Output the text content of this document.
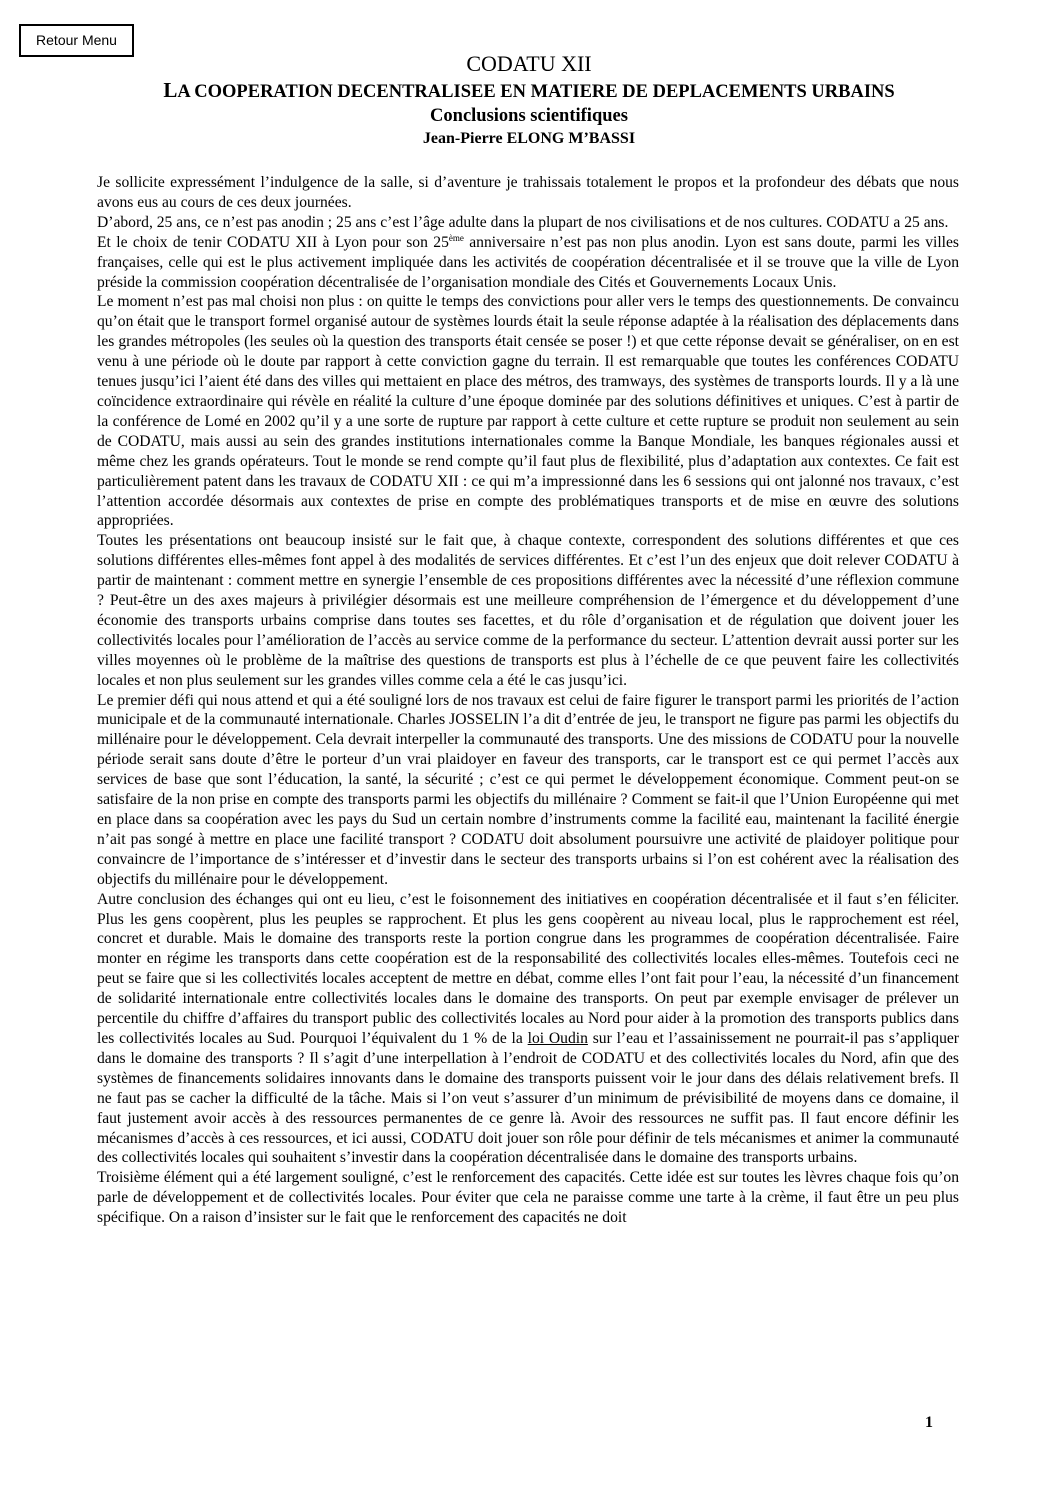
Retour Menu

CODATU XII

LA COOPERATION DECENTRALISEE EN MATIERE DE DEPLACEMENTS URBAINS

Conclusions scientifiques

Jean-Pierre ELONG M’BASSI

Je sollicite expressément l’indulgence de la salle, si d’aventure je trahissais totalement le propos et la profondeur des débats que nous avons eus au cours de ces deux journées.

D’abord, 25 ans, ce n’est pas anodin ; 25 ans c’est l’âge adulte dans la plupart de nos civilisations et de nos cultures. CODATU a 25 ans.

Et le choix de tenir CODATU XII à Lyon pour son 25ème anniversaire n’est pas non plus anodin. Lyon est sans doute, parmi les villes françaises, celle qui est le plus activement impliquée dans les activités de coopération décentralisée et il se trouve que la ville de Lyon préside la commission coopération décentralisée de l’organisation mondiale des Cités et Gouvernements Locaux Unis.

Le moment n’est pas mal choisi non plus : on quitte le temps des convictions pour aller vers le temps des questionnements. De convaincu qu’on était que le transport formel organisé autour de systèmes lourds était la seule réponse adaptée à la réalisation des déplacements dans les grandes métropoles (les seules où la question des transports était censée se poser !) et que cette réponse devait se généraliser, on en est venu à une période où le doute par rapport à cette conviction gagne du terrain. Il est remarquable que toutes les conférences CODATU tenues jusqu’ici l’aient été dans des villes qui mettaient en place des métros, des tramways, des systèmes de transports lourds. Il y a là une coïncidence extraordinaire qui révèle en réalité la culture d’une époque dominée par des solutions définitives et uniques. C’est à partir de la conférence de Lomé en 2002 qu’il y a une sorte de rupture par rapport à cette culture et cette rupture se produit non seulement au sein de CODATU, mais aussi au sein des grandes institutions internationales comme la Banque Mondiale, les banques régionales aussi et même chez les grands opérateurs. Tout le monde se rend compte qu’il faut plus de flexibilité, plus d’adaptation aux contextes. Ce fait est particulièrement patent dans les travaux de CODATU XII : ce qui m’a impressionné dans les 6 sessions qui ont jalonné nos travaux, c’est l’attention accordée désormais aux contextes de prise en compte des problématiques transports et de mise en œuvre des solutions appropriées.

Toutes les présentations ont beaucoup insisté sur le fait que, à chaque contexte, correspondent des solutions différentes et que ces solutions différentes elles-mêmes font appel à des modalités de services différentes. Et c’est l’un des enjeux que doit relever CODATU à partir de maintenant : comment mettre en synergie l’ensemble de ces propositions différentes avec la nécessité d’une réflexion commune ? Peut-être un des axes majeurs à privilégier désormais est une meilleure compréhension de l’émergence et du développement d’une économie des transports urbains comprise dans toutes ses facettes, et du rôle d’organisation et de régulation que doivent jouer les collectivités locales pour l’amélioration de l’accès au service comme de la performance du secteur. L’attention devrait aussi porter sur les villes moyennes où le problème de la maîtrise des questions de transports est plus à l’échelle de ce que peuvent faire les collectivités locales et non plus seulement sur les grandes villes comme cela a été le cas jusqu’ici.

Le premier défi qui nous attend et qui a été souligné lors de nos travaux est celui de faire figurer le transport parmi les priorités de l’action municipale et de la communauté internationale. Charles JOSSELIN l’a dit d’entrée de jeu, le transport ne figure pas parmi les objectifs du millénaire pour le développement. Cela devrait interpeller la communauté des transports. Une des missions de CODATU pour la nouvelle période serait sans doute d’être le porteur d’un vrai plaidoyer en faveur des transports, car le transport est ce qui permet l’accès aux services de base que sont l’éducation, la santé, la sécurité ; c’est ce qui permet le développement économique. Comment peut-on se satisfaire de la non prise en compte des transports parmi les objectifs du millénaire ? Comment se fait-il que l’Union Européenne qui met en place dans sa coopération avec les pays du Sud un certain nombre d’instruments comme la facilité eau, maintenant la facilité énergie n’ait pas songé à mettre en place une facilité transport ? CODATU doit absolument poursuivre une activité de plaidoyer politique pour convaincre de l’importance de s’intéresser et d’investir dans le secteur des transports urbains si l’on est cohérent avec la réalisation des objectifs du millénaire pour le développement.

Autre conclusion des échanges qui ont eu lieu, c’est le foisonnement des initiatives en coopération décentralisée et il faut s’en féliciter. Plus les gens coopèrent, plus les peuples se rapprochent. Et plus les gens coopèrent au niveau local, plus le rapprochement est réel, concret et durable. Mais le domaine des transports reste la portion congrue dans les programmes de coopération décentralisée. Faire monter en régime les transports dans cette coopération est de la responsabilité des collectivités locales elles-mêmes. Toutefois ceci ne peut se faire que si les collectivités locales acceptent de mettre en débat, comme elles l’ont fait pour l’eau, la nécessité d’un financement de solidarité internationale entre collectivités locales dans le domaine des transports. On peut par exemple envisager de prélever un percentile du chiffre d’affaires du transport public des collectivités locales au Nord pour aider à la promotion des transports publics dans les collectivités locales au Sud. Pourquoi l’équivalent du 1 % de la loi Oudin sur l’eau et l’assainissement ne pourrait-il pas s’appliquer dans le domaine des transports ? Il s’agit d’une interpellation à l’endroit de CODATU et des collectivités locales du Nord, afin que des systèmes de financements solidaires innovants dans le domaine des transports puissent voir le jour dans des délais relativement brefs. Il ne faut pas se cacher la difficulté de la tâche. Mais si l’on veut s’assurer d’un minimum de prévisibilité de moyens dans ce domaine, il faut justement avoir accès à des ressources permanentes de ce genre là. Avoir des ressources ne suffit pas. Il faut encore définir les mécanismes d’accès à ces ressources, et ici aussi, CODATU doit jouer son rôle pour définir de tels mécanismes et animer la communauté des collectivités locales qui souhaitent s’investir dans la coopération décentralisée dans le domaine des transports urbains.

Troisième élément qui a été largement souligné, c’est le renforcement des capacités. Cette idée est sur toutes les lèvres chaque fois qu’on parle de développement et de collectivités locales. Pour éviter que cela ne paraisse comme une tarte à la crème, il faut être un peu plus spécifique. On a raison d’insister sur le fait que le renforcement des capacités ne doit

1
